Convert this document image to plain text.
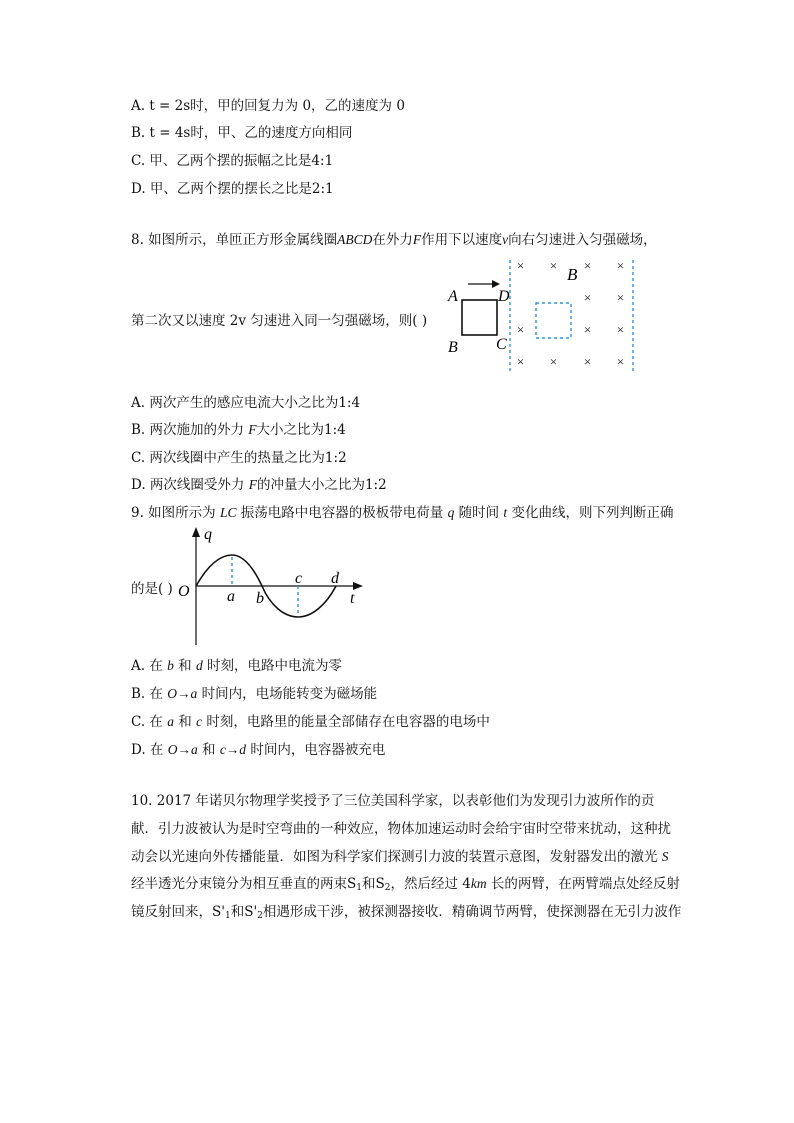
A. t = 2s时，甲的回复力为 0，乙的速度为 0
B. t = 4s时，甲、乙的速度方向相同
C. 甲、乙两个摆的振幅之比是4:1
D. 甲、乙两个摆的摆长之比是2:1
8. 如图所示，单匝正方形金属线圈ABCD在外力F作用下以速度v向右匀速进入匀强磁场，
第二次又以速度 2v 匀速进入同一匀强磁场，则( )
A	D
B C
B
× × × ×
× ×
×	× ×
× × × ×
A. 两次产生的感应电流大小之比为1:4
B. 两次施加的外力 F大小之比为1:4
C. 两次线圈中产生的热量之比为1:2
D. 两次线圈受外力 F的冲量大小之比为1:2
9. 如图所示为 LC 振荡电路中电容器的极板带电荷量 q 随时间 t 变化曲线，则下列判断正确
的是( )
q
O	t
a b
c d
A. 在 b 和 d 时刻，电路中电流为零
B. 在 O→a 时间内，电场能转变为磁场能
C. 在 a 和 c 时刻，电路里的能量全部储存在电容器的电场中
D. 在 O→a 和 c→d 时间内，电容器被充电
10. 2017 年诺贝尔物理学奖授予了三位美国科学家，以表彰他们为发现引力波所作的贡
献．引力波被认为是时空弯曲的一种效应，物体加速运动时会给宇宙时空带来扰动，这种扰
动会以光速向外传播能量．如图为科学家们探测引力波的装置示意图，发射器发出的激光 S
经半透光分束镜分为相互垂直的两束$S_1$和$S_2$，然后经过 4km 长的两臂，在两臂端点处经反射
镜反射回来，$S'_1$和$S'_2$相遇形成干涉，被探测器接收．精确调节两臂，使探测器在无引力波作
